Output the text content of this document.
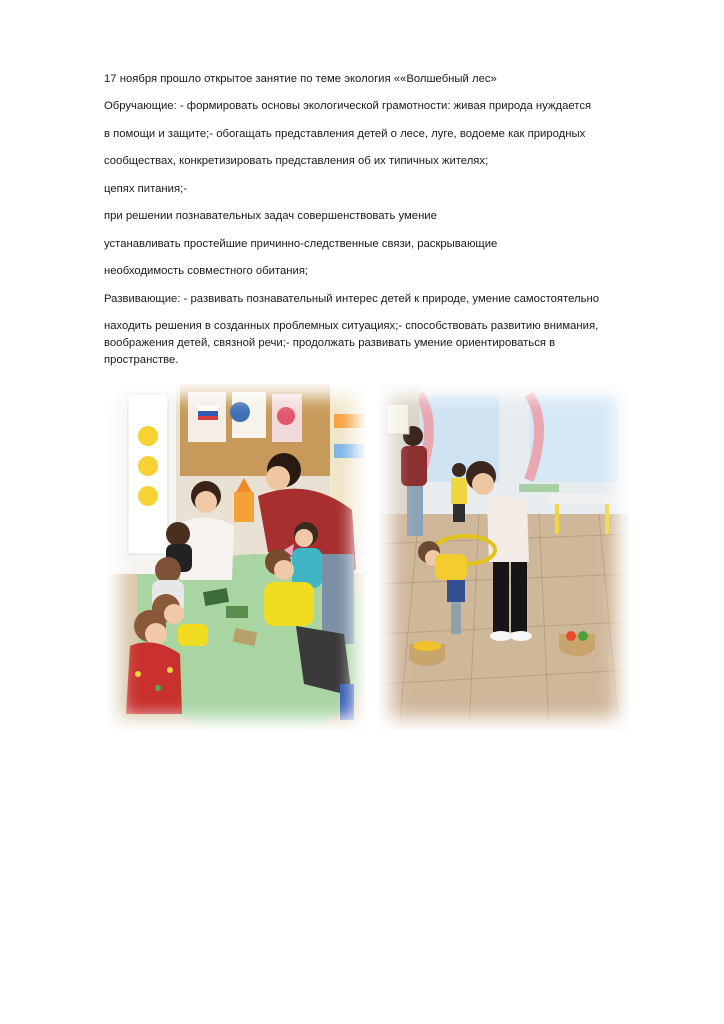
17 ноября прошло открытое занятие по теме экология ««Волшебный лес»

Обручающие: - формировать основы экологической грамотности: живая природа нуждается

в помощи и защите;- обогащать представления детей о лесе, луге, водоеме как природных

сообществах, конкретизировать представления об их типичных жителях;

цепях питания;-

при решении познавательных задач совершенствовать умение

устанавливать простейшие причинно-следственные связи, раскрывающие

необходимость совместного обитания;

Развивающие: - развивать познавательный интерес детей к природе, умение самостоятельно

находить решения в созданных проблемных ситуациях;- способствовать развитию внимания,

воображения детей, связной речи;- продолжать развивать умение ориентироваться в

пространстве.
